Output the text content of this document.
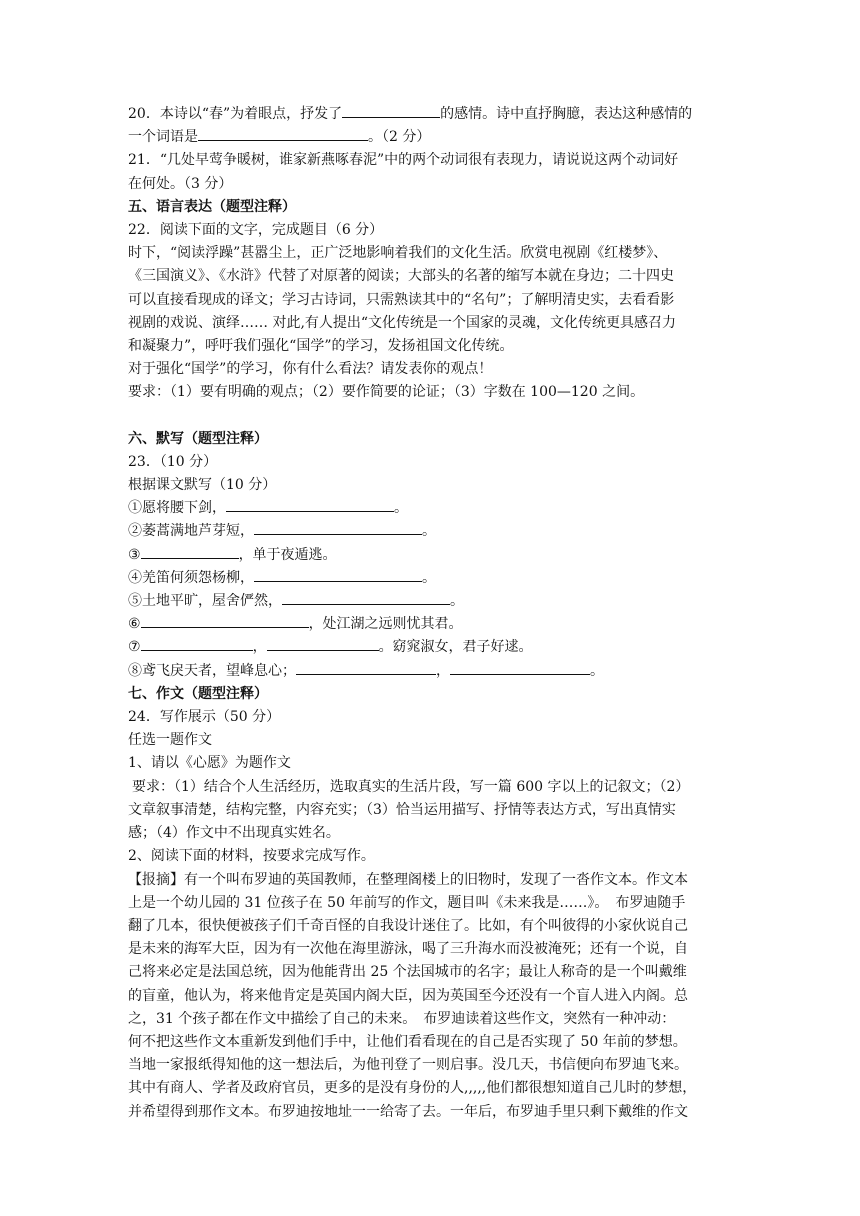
20．本诗以“春”为着眼点，抒发了	的感情。诗中直抒胸臆，表达这种感情的
一个词语是	。（2 分）
21．“几处早莺争暖树，谁家新燕啄春泥”中的两个动词很有表现力，请说说这两个动词好
在何处。（3 分）
五、语言表达（题型注释）
22．阅读下面的文字，完成题目（6 分）
时下，“阅读浮躁”甚嚣尘上，正广泛地影响着我们的文化生活。欣赏电视剧《红楼梦》、
《三国演义》、《水浒》代替了对原著的阅读；大部头的名著的缩写本就在身边；二十四史
可以直接看现成的译文；学习古诗词，只需熟读其中的“名句”；了解明清史实，去看看影
视剧的戏说、演绎…… 对此,有人提出“文化传统是一个国家的灵魂，文化传统更具感召力
和凝聚力”，呼吁我们强化“国学”的学习，发扬祖国文化传统。
对于强化“国学”的学习，你有什么看法？请发表你的观点！
要求：（1）要有明确的观点；（2）要作简要的论证；（3）字数在 100—120 之间。
六、默写（题型注释）
23．（10 分）
根据课文默写（10 分）
①愿将腰下剑，	。
②萎蒿满地芦芽短，	。
③	，单于夜遁逃。
④羌笛何须怨杨柳，	。
⑤土地平旷，屋舍俨然，	。
⑥	，处江湖之远则忧其君。
⑦	，	。窈窕淑女，君子好逑。
⑧鸢飞戾天者，望峰息心；	，	。
七、作文（题型注释）
24．写作展示（50 分）
任选一题作文
1、请以《心愿》为题作文
要求：（1）结合个人生活经历，选取真实的生活片段，写一篇 600 字以上的记叙文；（2）
文章叙事清楚，结构完整，内容充实；（3）恰当运用描写、抒情等表达方式，写出真情实
感；（4）作文中不出现真实姓名。
2、阅读下面的材料，按要求完成写作。
【报摘】有一个叫布罗迪的英国教师，在整理阁楼上的旧物时，发现了一沓作文本。作文本
上是一个幼儿园的 31 位孩子在 50 年前写的作文，题目叫《未来我是……》。　布罗迪随手
翻了几本，很快便被孩子们千奇百怪的自我设计迷住了。比如，有个叫彼得的小家伙说自己
是未来的海军大臣，因为有一次他在海里游泳，喝了三升海水而没被淹死；还有一个说，自
己将来必定是法国总统，因为他能背出 25 个法国城市的名字；最让人称奇的是一个叫戴维
的盲童，他认为，将来他肯定是英国内阁大臣，因为英国至今还没有一个盲人进入内阁。总
之，31 个孩子都在作文中描绘了自己的未来。　布罗迪读着这些作文，突然有一种冲动：
何不把这些作文本重新发到他们手中，让他们看看现在的自己是否实现了 50 年前的梦想。
当地一家报纸得知他的这一想法后，为他刊登了一则启事。没几天，书信便向布罗迪飞来。
其中有商人、学者及政府官员，更多的是没有身份的人,,,,,他们都很想知道自己儿时的梦想，
并希望得到那作文本。布罗迪按地址一一给寄了去。一年后，布罗迪手里只剩下戴维的作文
